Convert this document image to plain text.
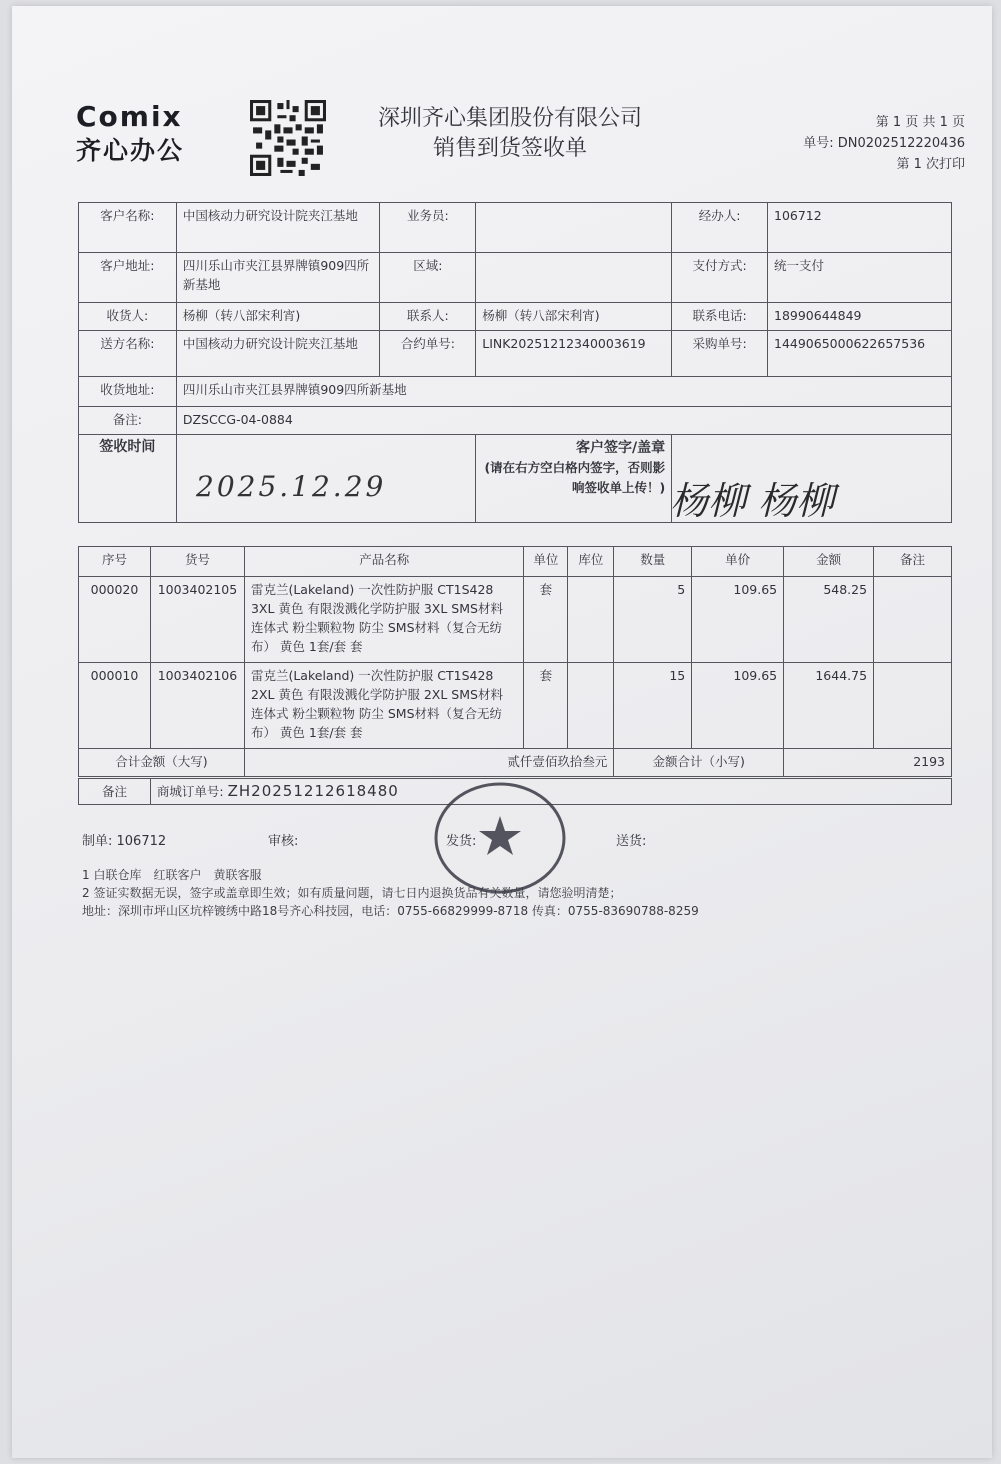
Comix
齐心办公
深圳齐心集团股份有限公司
销售到货签收单
第 1 页 共 1 页
单号: DN0202512220436
第 1 次打印
客户名称:	中国核动力研究设计院夹江基地	业务员:		经办人:	106712
客户地址:	四川乐山市夹江县界牌镇909四所新基地	区域:		支付方式:	统一支付
收货人:	杨柳（转八部宋利宵)	联系人:	杨柳（转八部宋利宵)	联系电话:	18990644849
送方名称:	中国核动力研究设计院夹江基地	合约单号:	LINK20251212340003619	采购单号:	1449065000622657536
收货地址:	四川乐山市夹江县界牌镇909四所新基地				
备注:	DZSCCG-04-0884				
签收时间			客户签字/盖章
(请在右方空白格内签字，否则影响签收单上传！)		

2025.12.29	杨柳 杨柳
序号	货号	产品名称	单位	库位	数量	单价	金额	备注
000020	1003402105	雷克兰(Lakeland) 一次性防护服 CT1S428 3XL 黄色 有限泼溅化学防护服 3XL SMS材料 连体式 粉尘颗粒物 防尘 SMS材料（复合无纺布） 黄色 1套/套 套	套		5	109.65	548.25	
000010	1003402106	雷克兰(Lakeland) 一次性防护服 CT1S428 2XL 黄色 有限泼溅化学防护服 2XL SMS材料 连体式 粉尘颗粒物 防尘 SMS材料（复合无纺布） 黄色 1套/套 套	套		15	109.65	1644.75	
合计金额（大写)		贰仟壹佰玖拾叁元			金额合计（小写)		2193	
备注	商城订单号: ZH20251212618480
制单: 106712	审核:	发货:	送货:
1 白联仓库　红联客户　黄联客服
2 签证实数据无误，签字或盖章即生效；如有质量问题，请七日内退换货品有关数量，请您验明清楚；
地址：深圳市坪山区坑梓镀绣中路18号齐心科技园，电话：0755-66829999-8718 传真：0755-83690788-8259
